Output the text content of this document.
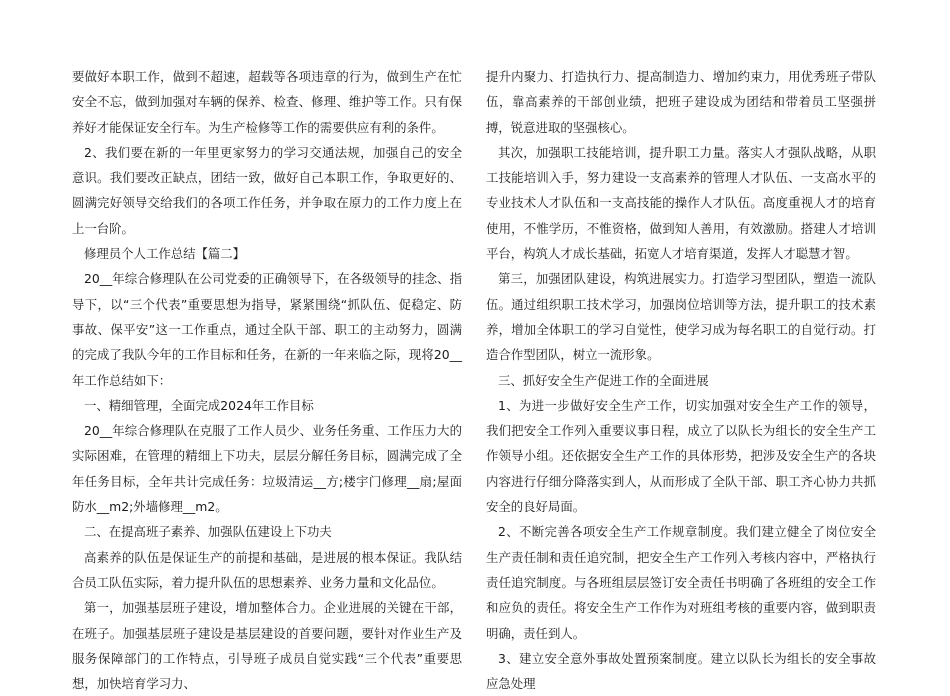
要做好本职工作，做到不超速，超载等各项违章的行为，做到生产在忙安全不忘，做到加强对车辆的保养、检查、修理、维护等工作。只有保养好才能保证安全行车。为生产检修等工作的需要供应有利的条件。

2、我们要在新的一年里更家努力的学习交通法规，加强自己的安全意识。我们要改正缺点，团结一致，做好自己本职工作，争取更好的、圆满完好领导交给我们的各项工作任务，并争取在原力的工作力度上在上一台阶。

修理员个人工作总结【篇二】

20__年综合修理队在公司党委的正确领导下，在各级领导的挂念、指导下，以“三个代表”重要思想为指导，紧紧围绕“抓队伍、促稳定、防事故、保平安”这一工作重点，通过全队干部、职工的主动努力，圆满的完成了我队今年的工作目标和任务，在新的一年来临之际，现将20__年工作总结如下：

一、精细管理，全面完成2024年工作目标

20__年综合修理队在克服了工作人员少、业务任务重、工作压力大的实际困难，在管理的精细上下功夫，层层分解任务目标，圆满完成了全年任务目标，全年共计完成任务：垃圾清运__方;楼宇门修理__扇;屋面防水__m2;外墙修理__m2。

二、在提高班子素养、加强队伍建设上下功夫

高素养的队伍是保证生产的前提和基础，是进展的根本保证。我队结合员工队伍实际，着力提升队伍的思想素养、业务力量和文化品位。

第一，加强基层班子建设，增加整体合力。企业进展的关键在干部，在班子。加强基层班子建设是基层建设的首要问题，要针对作业生产及服务保障部门的工作特点，引导班子成员自觉实践“三个代表”重要思想，加快培育学习力、

提升内聚力、打造执行力、提高制造力、增加约束力，用优秀班子带队伍，靠高素养的干部创业绩，把班子建设成为团结和带着员工坚强拼搏，锐意进取的坚强核心。

其次，加强职工技能培训，提升职工力量。落实人才强队战略，从职工技能培训入手，努力建设一支高素养的管理人才队伍、一支高水平的专业技术人才队伍和一支高技能的操作人才队伍。高度重视人才的培育使用，不惟学历，不惟资格，做到知人善用，有效激励。搭建人才培训平台，构筑人才成长基础，拓宽人才培育渠道，发挥人才聪慧才智。

第三，加强团队建设，构筑进展实力。打造学习型团队，塑造一流队伍。通过组织职工技术学习，加强岗位培训等方法，提升职工的技术素养，增加全体职工的学习自觉性，使学习成为每名职工的自觉行动。打造合作型团队，树立一流形象。

三、抓好安全生产促进工作的全面进展

1、为进一步做好安全生产工作，切实加强对安全生产工作的领导，我们把安全工作列入重要议事日程，成立了以队长为组长的安全生产工作领导小组。还依据安全生产工作的具体形势，把涉及安全生产的各块内容进行仔细分降落实到人，从而形成了全队干部、职工齐心协力共抓安全的良好局面。

2、不断完善各项安全生产工作规章制度。我们建立健全了岗位安全生产责任制和责任追究制，把安全生产工作列入考核内容中，严格执行责任追究制度。与各班组层层签订安全责任书明确了各班组的安全工作和应负的责任。将安全生产工作作为对班组考核的重要内容，做到职责明确，责任到人。

3、建立安全意外事故处置预案制度。建立以队长为组长的安全事故应急处理
